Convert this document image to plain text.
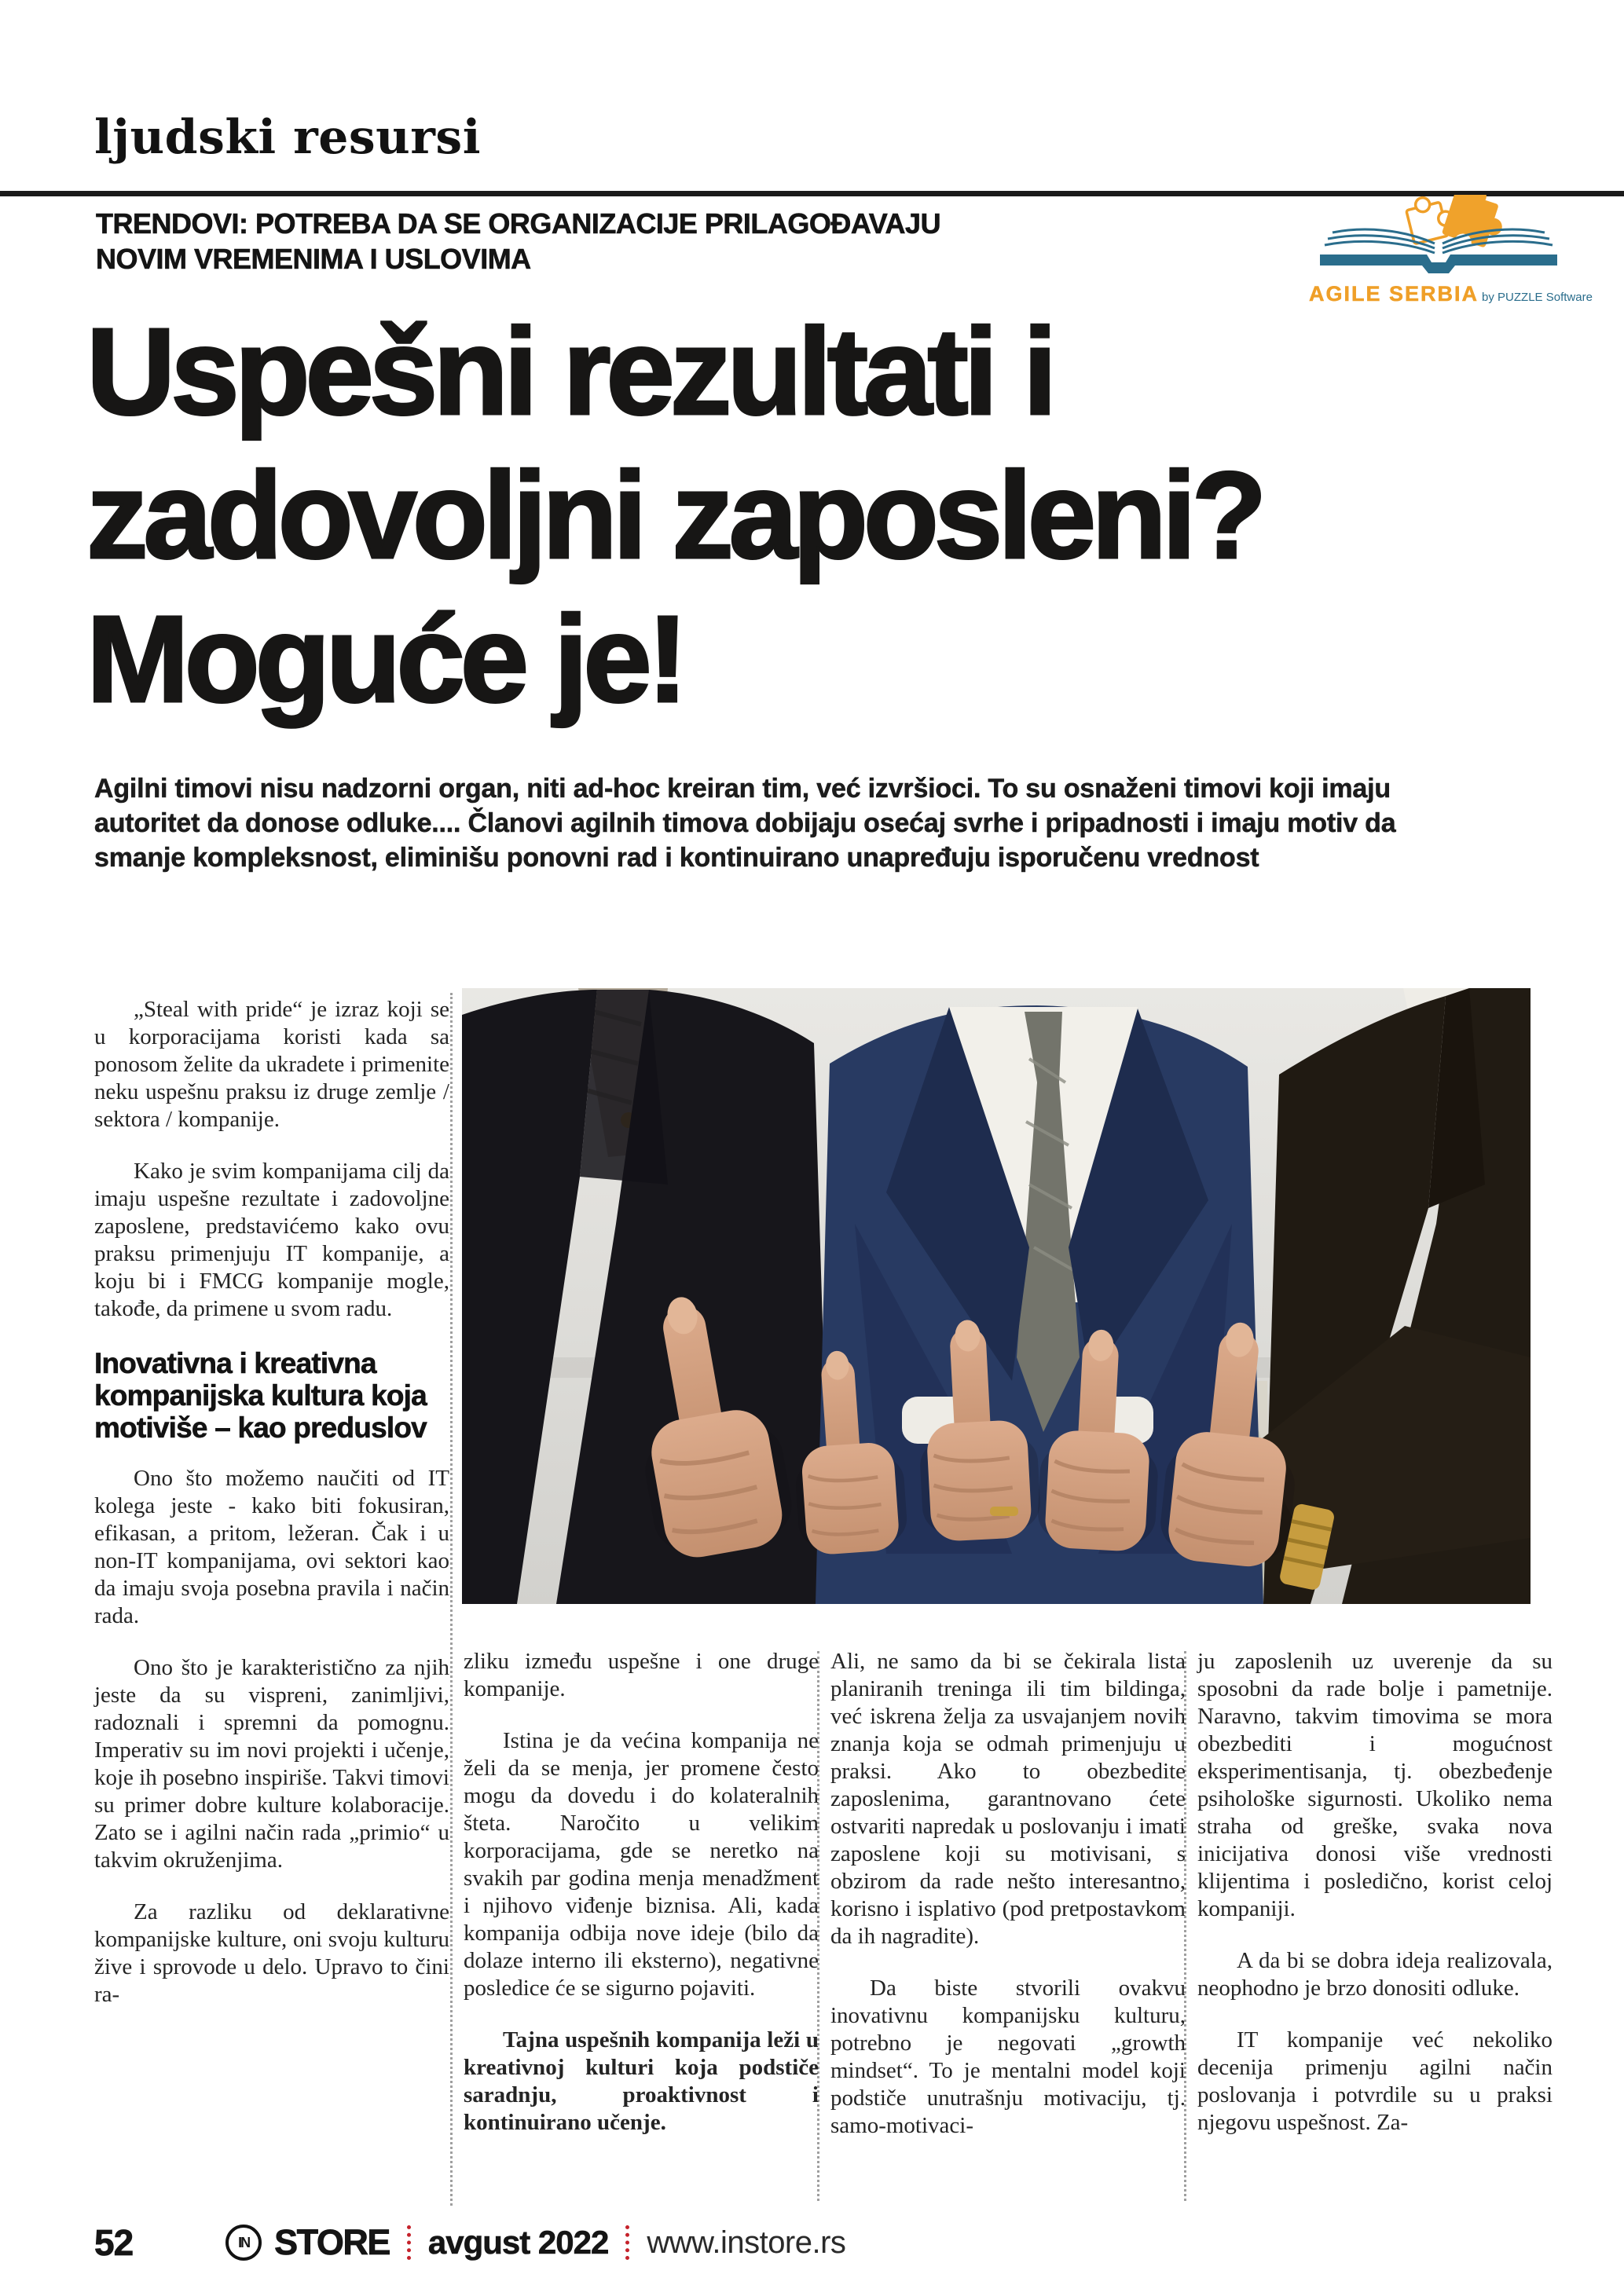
ljudski resursi
TRENDOVI: POTREBA DA SE ORGANIZACIJE PRILAGOĐAVAJU
NOVIM VREMENIMA I USLOVIMA
AGILE SERBIA by PUZZLE Software
Uspešni rezultati i
zadovoljni zaposleni?
Moguće je!
Agilni timovi nisu nadzorni organ, niti ad-hoc kreiran tim, već izvršioci. To su osnaženi timovi koji imaju autoritet da donose odluke.... Članovi agilnih timova dobijaju osećaj svrhe i pripadnosti i imaju motiv da smanje kompleksnost, eliminišu ponovni rad i kontinuirano unapređuju isporučenu vrednost

„Steal with pride“ je izraz koji se u korporacijama koristi kada sa ponosom želite da ukradete i primenite neku uspešnu praksu iz druge zemlje / sektora / kompanije.

Kako je svim kompanijama cilj da imaju uspešne rezultate i zadovoljne zaposlene, predstavićemo kako ovu praksu primenjuju IT kompanije, a koju bi i FMCG kompanije mogle, takođe, da primene u svom radu.

Inovativna i kreativna kompanijska kultura koja motiviše – kao preduslov

Ono što možemo naučiti od IT kolega jeste - kako biti fokusiran, efikasan, a pritom, ležeran. Čak i u non-IT kompanijama, ovi sektori kao da imaju svoja posebna pravila i način rada.

Ono što je karakteristično za njih jeste da su vispreni, zanimljivi, radoznali i spremni da pomognu. Imperativ su im novi projekti i učenje, koje ih posebno inspiriše. Takvi timovi su primer dobre kulture kolaboracije. Zato se i agilni način rada „primio“ u takvim okruženjima.

Za razliku od deklarativne kompanijske kulture, oni svoju kulturu žive i sprovode u delo. Upravo to čini ra-

zliku između uspešne i one druge kompanije.

Istina je da većina kompanija ne želi da se menja, jer promene često mogu da dovedu i do kolateralnih šteta. Naročito u velikim korporacijama, gde se neretko na svakih par godina menja menadžment i njihovo viđenje biznisa. Ali, kada kompanija odbija nove ideje (bilo da dolaze interno ili eksterno), negativne posledice će se sigurno pojaviti.

Tajna uspešnih kompanija leži u kreativnoj kulturi koja podstiče saradnju, proaktivnost i kontinuirano učenje.

Ali, ne samo da bi se čekirala lista planiranih treninga ili tim bildinga, već iskrena želja za usvajanjem novih znanja koja se odmah primenjuju u praksi. Ako to obezbedite zaposlenima, garantnovano ćete ostvariti napredak u poslovanju i imati zaposlene koji su motivisani, s obzirom da rade nešto interesantno, korisno i isplativo (pod pretpostavkom da ih nagradite).

Da biste stvorili ovakvu inovativnu kompanijsku kulturu, potrebno je negovati „growth mindset“. To je mentalni model koji podstiče unutrašnju motivaciju, tj. samo-motivaci-

ju zaposlenih uz uverenje da su sposobni da rade bolje i pametnije. Naravno, takvim timovima se mora obezbediti i mogućnost eksperimentisanja, tj. obezbeđenje psihološke sigurnosti. Ukoliko nema straha od greške, svaka nova inicijativa donosi više vrednosti klijentima i posledično, korist celoj kompaniji.

A da bi se dobra ideja realizovala, neophodno je brzo donositi odluke.

IT kompanije već nekoliko decenija primenju agilni način poslovanja i potvrdile su u praksi njegovu uspešnost. Za-

52	IN STORE avgust 2022 www.instore.rs
